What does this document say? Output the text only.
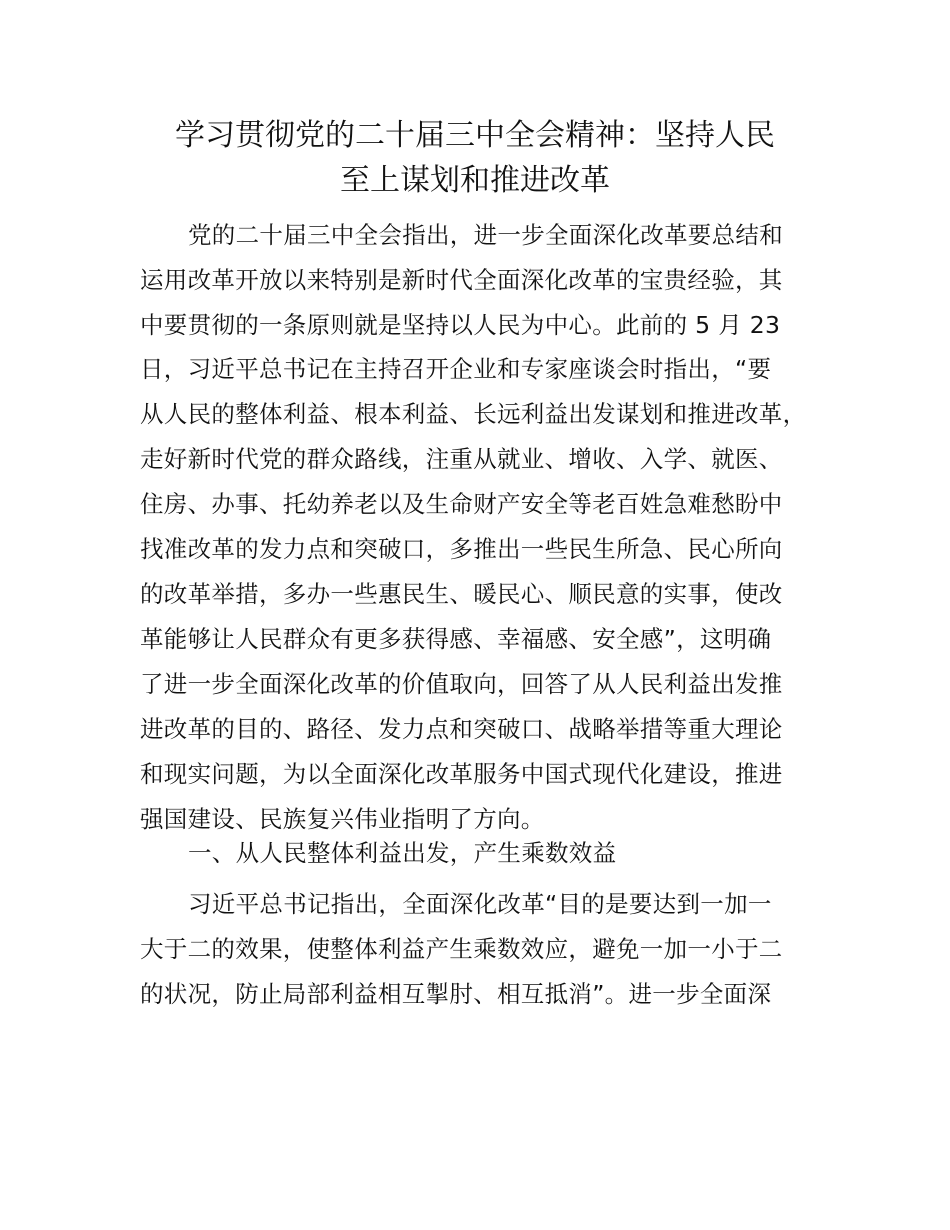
学习贯彻党的二十届三中全会精神：坚持人民
至上谋划和推进改革
党的二十届三中全会指出，进一步全面深化改革要总结和
运用改革开放以来特别是新时代全面深化改革的宝贵经验，其
中要贯彻的一条原则就是坚持以人民为中心。此前的 5 月 23
日，习近平总书记在主持召开企业和专家座谈会时指出，“要
从人民的整体利益、根本利益、长远利益出发谋划和推进改革，
走好新时代党的群众路线，注重从就业、增收、入学、就医、
住房、办事、托幼养老以及生命财产安全等老百姓急难愁盼中
找准改革的发力点和突破口，多推出一些民生所急、民心所向
的改革举措，多办一些惠民生、暖民心、顺民意的实事，使改
革能够让人民群众有更多获得感、幸福感、安全感”，这明确
了进一步全面深化改革的价值取向，回答了从人民利益出发推
进改革的目的、路径、发力点和突破口、战略举措等重大理论
和现实问题，为以全面深化改革服务中国式现代化建设，推进
强国建设、民族复兴伟业指明了方向。
一、从人民整体利益出发，产生乘数效益
习近平总书记指出，全面深化改革“目的是要达到一加一
大于二的效果，使整体利益产生乘数效应，避免一加一小于二
的状况，防止局部利益相互掣肘、相互抵消”。进一步全面深
